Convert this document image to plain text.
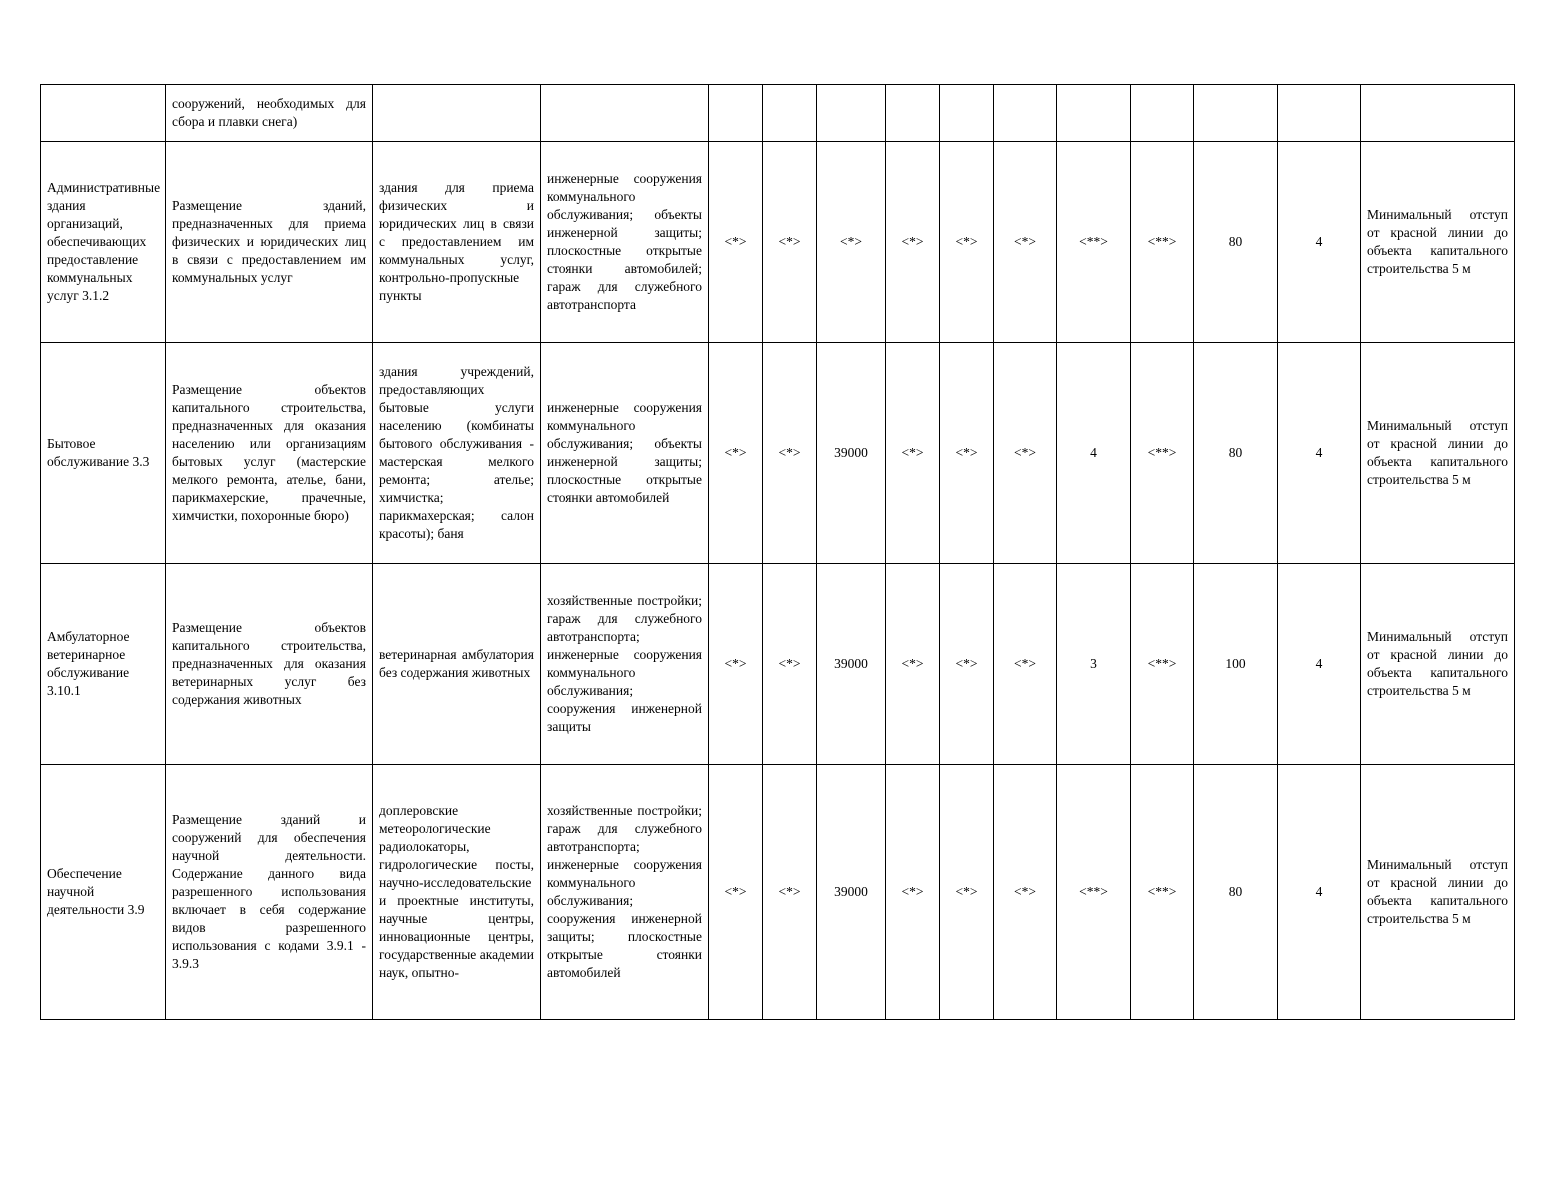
	сооружений, необходимых для сбора и плавки снега)													
Административные здания организаций, обеспечивающих предоставление коммунальных услуг 3.1.2	Размещение зданий, предназначенных для приема физических и юридических лиц в связи с предоставлением им коммунальных услуг	здания для приема физических и юридических лиц в связи с предоставлением им коммунальных услуг, контрольно-пропускные пункты	инженерные сооружения коммунального обслуживания; объекты инженерной защиты; плоскостные открытые стоянки автомобилей; гараж для служебного автотранспорта	<*>	<*>	<*>	<*>	<*>	<*>	<**>	<**>	80	4	Минимальный отступ от красной линии до объекта капитального строительства 5 м
Бытовое обслуживание 3.3	Размещение объектов капитального строительства, предназначенных для оказания населению или организациям бытовых услуг (мастерские мелкого ремонта, ателье, бани, парикмахерские, прачечные, химчистки, похоронные бюро)	здания учреждений, предоставляющих бытовые услуги населению (комбинаты бытового обслуживания - мастерская мелкого ремонта; ателье; химчистка; парикмахерская; салон красоты); баня	инженерные сооружения коммунального обслуживания; объекты инженерной защиты; плоскостные открытые стоянки автомобилей	<*>	<*>	39000	<*>	<*>	<*>	4	<**>	80	4	Минимальный отступ от красной линии до объекта капитального строительства 5 м
Амбулаторное ветеринарное обслуживание 3.10.1	Размещение объектов капитального строительства, предназначенных для оказания ветеринарных услуг без содержания животных	ветеринарная амбулатория без содержания животных	хозяйственные постройки; гараж для служебного автотранспорта; инженерные сооружения коммунального обслуживания; сооружения инженерной защиты	<*>	<*>	39000	<*>	<*>	<*>	3	<**>	100	4	Минимальный отступ от красной линии до объекта капитального строительства 5 м
Обеспечение научной деятельности 3.9	Размещение зданий и сооружений для обеспечения научной деятельности. Содержание данного вида разрешенного использования включает в себя содержание видов разрешенного использования с кодами 3.9.1 - 3.9.3	доплеровские метеорологические радиолокаторы, гидрологические посты, научно-исследовательские и проектные институты, научные центры, инновационные центры, государственные академии наук, опытно-	хозяйственные постройки; гараж для служебного автотранспорта; инженерные сооружения коммунального обслуживания; сооружения инженерной защиты; плоскостные открытые стоянки автомобилей	<*>	<*>	39000	<*>	<*>	<*>	<**>	<**>	80	4	Минимальный отступ от красной линии до объекта капитального строительства 5 м
